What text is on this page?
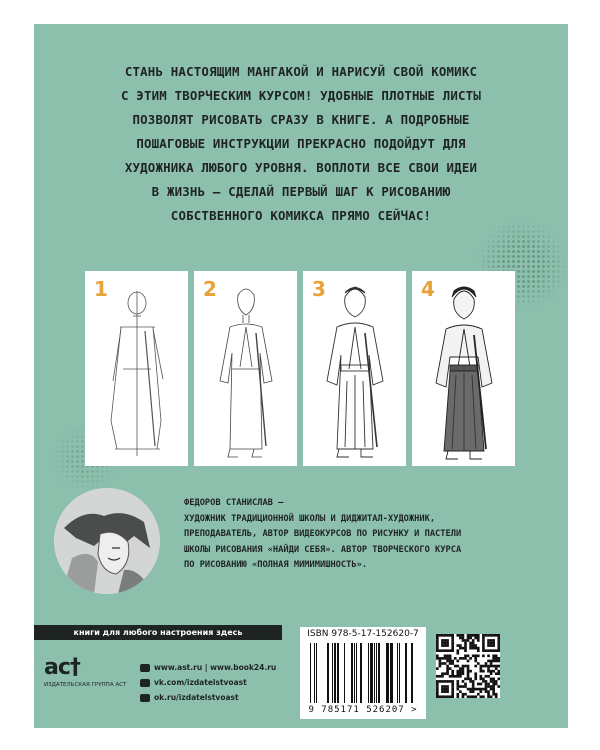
СТАНЬ НАСТОЯЩИМ МАНГАКОЙ И НАРИСУЙ СВОЙ КОМИКС
С ЭТИМ ТВОРЧЕСКИМ КУРСОМ! УДОБНЫЕ ПЛОТНЫЕ ЛИСТЫ
ПОЗВОЛЯТ РИСОВАТЬ СРАЗУ В КНИГЕ. А ПОДРОБНЫЕ
ПОШАГОВЫЕ ИНСТРУКЦИИ ПРЕКРАСНО ПОДОЙДУТ ДЛЯ
ХУДОЖНИКА ЛЮБОГО УРОВНЯ. ВОПЛОТИ ВСЕ СВОИ ИДЕИ
В ЖИЗНЬ — СДЕЛАЙ ПЕРВЫЙ ШАГ К РИСОВАНИЮ
СОБСТВЕННОГО КОМИКСА ПРЯМО СЕЙЧАС!
1	2	3	4
ФЕДОРОВ СТАНИСЛАВ —
ХУДОЖНИК ТРАДИЦИОННОЙ ШКОЛЫ И ДИДЖИТАЛ-ХУДОЖНИК,
ПРЕПОДАВАТЕЛЬ, АВТОР ВИДЕОКУРСОВ ПО РИСУНКУ И ПАСТЕЛИ
ШКОЛЫ РИСОВАНИЯ «НАЙДИ СЕБЯ». АВТОР ТВОРЧЕСКОГО КУРСА
ПО РИСОВАНИЮ «ПОЛНАЯ МИМИМИШНОСТЬ».
книги для любого настроения здесь
ac†
ИЗДАТЕЛЬСКАЯ ГРУППА АСТ
www.ast.ru | www.book24.ru
vk.com/izdatelstvoast
ok.ru/izdatelstvoast
ISBN 978-5-17-152620-7
9 785171 526207 >
